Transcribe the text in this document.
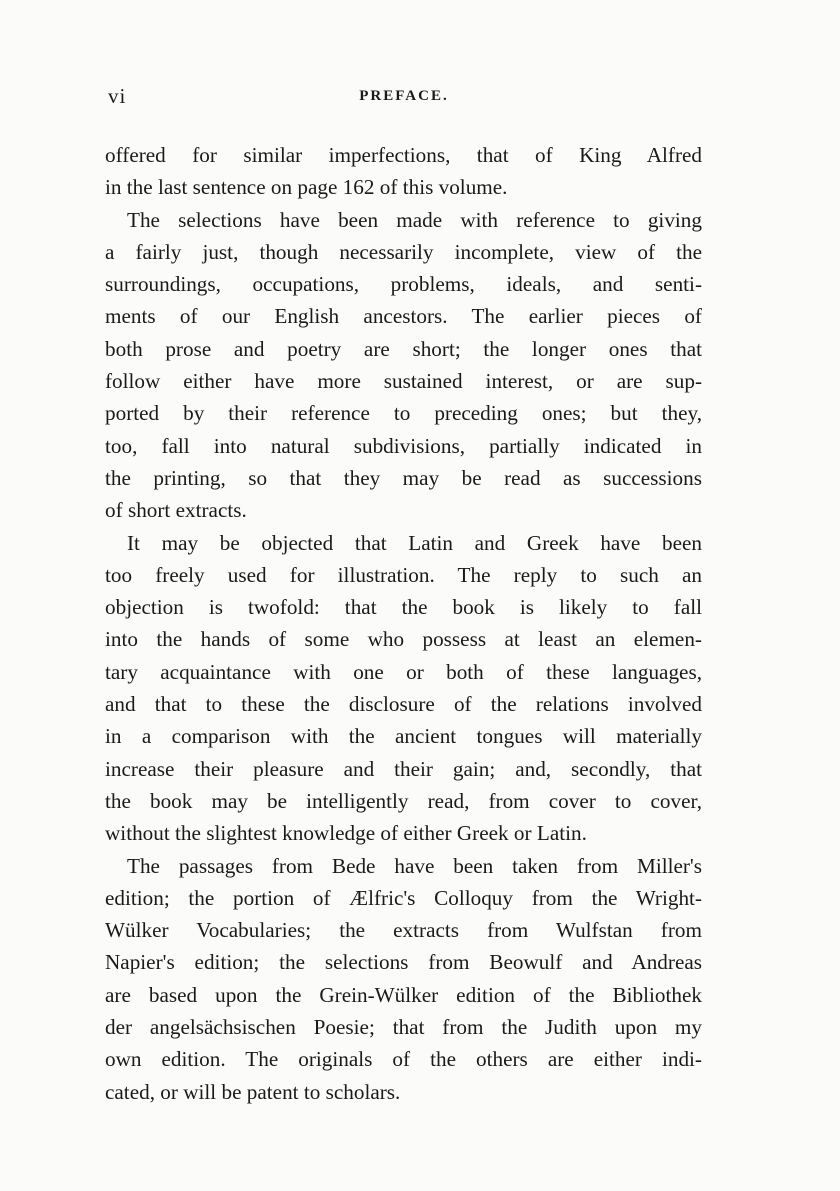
vi	PREFACE.
offered for similar imperfections, that of King Alfred
in the last sentence on page 162 of this volume.
The selections have been made with reference to giving
a fairly just, though necessarily incomplete, view of the
surroundings, occupations, problems, ideals, and senti-
ments of our English ancestors. The earlier pieces of
both prose and poetry are short; the longer ones that
follow either have more sustained interest, or are sup-
ported by their reference to preceding ones; but they,
too, fall into natural subdivisions, partially indicated in
the printing, so that they may be read as successions
of short extracts.
It may be objected that Latin and Greek have been
too freely used for illustration. The reply to such an
objection is twofold: that the book is likely to fall
into the hands of some who possess at least an elemen-
tary acquaintance with one or both of these languages,
and that to these the disclosure of the relations involved
in a comparison with the ancient tongues will materially
increase their pleasure and their gain; and, secondly, that
the book may be intelligently read, from cover to cover,
without the slightest knowledge of either Greek or Latin.
The passages from Bede have been taken from Miller's
edition; the portion of Ælfric's Colloquy from the Wright-
Wülker Vocabularies; the extracts from Wulfstan from
Napier's edition; the selections from Beowulf and Andreas
are based upon the Grein-Wülker edition of the Bibliothek
der angelsächsischen Poesie; that from the Judith upon my
own edition. The originals of the others are either indi-
cated, or will be patent to scholars.
